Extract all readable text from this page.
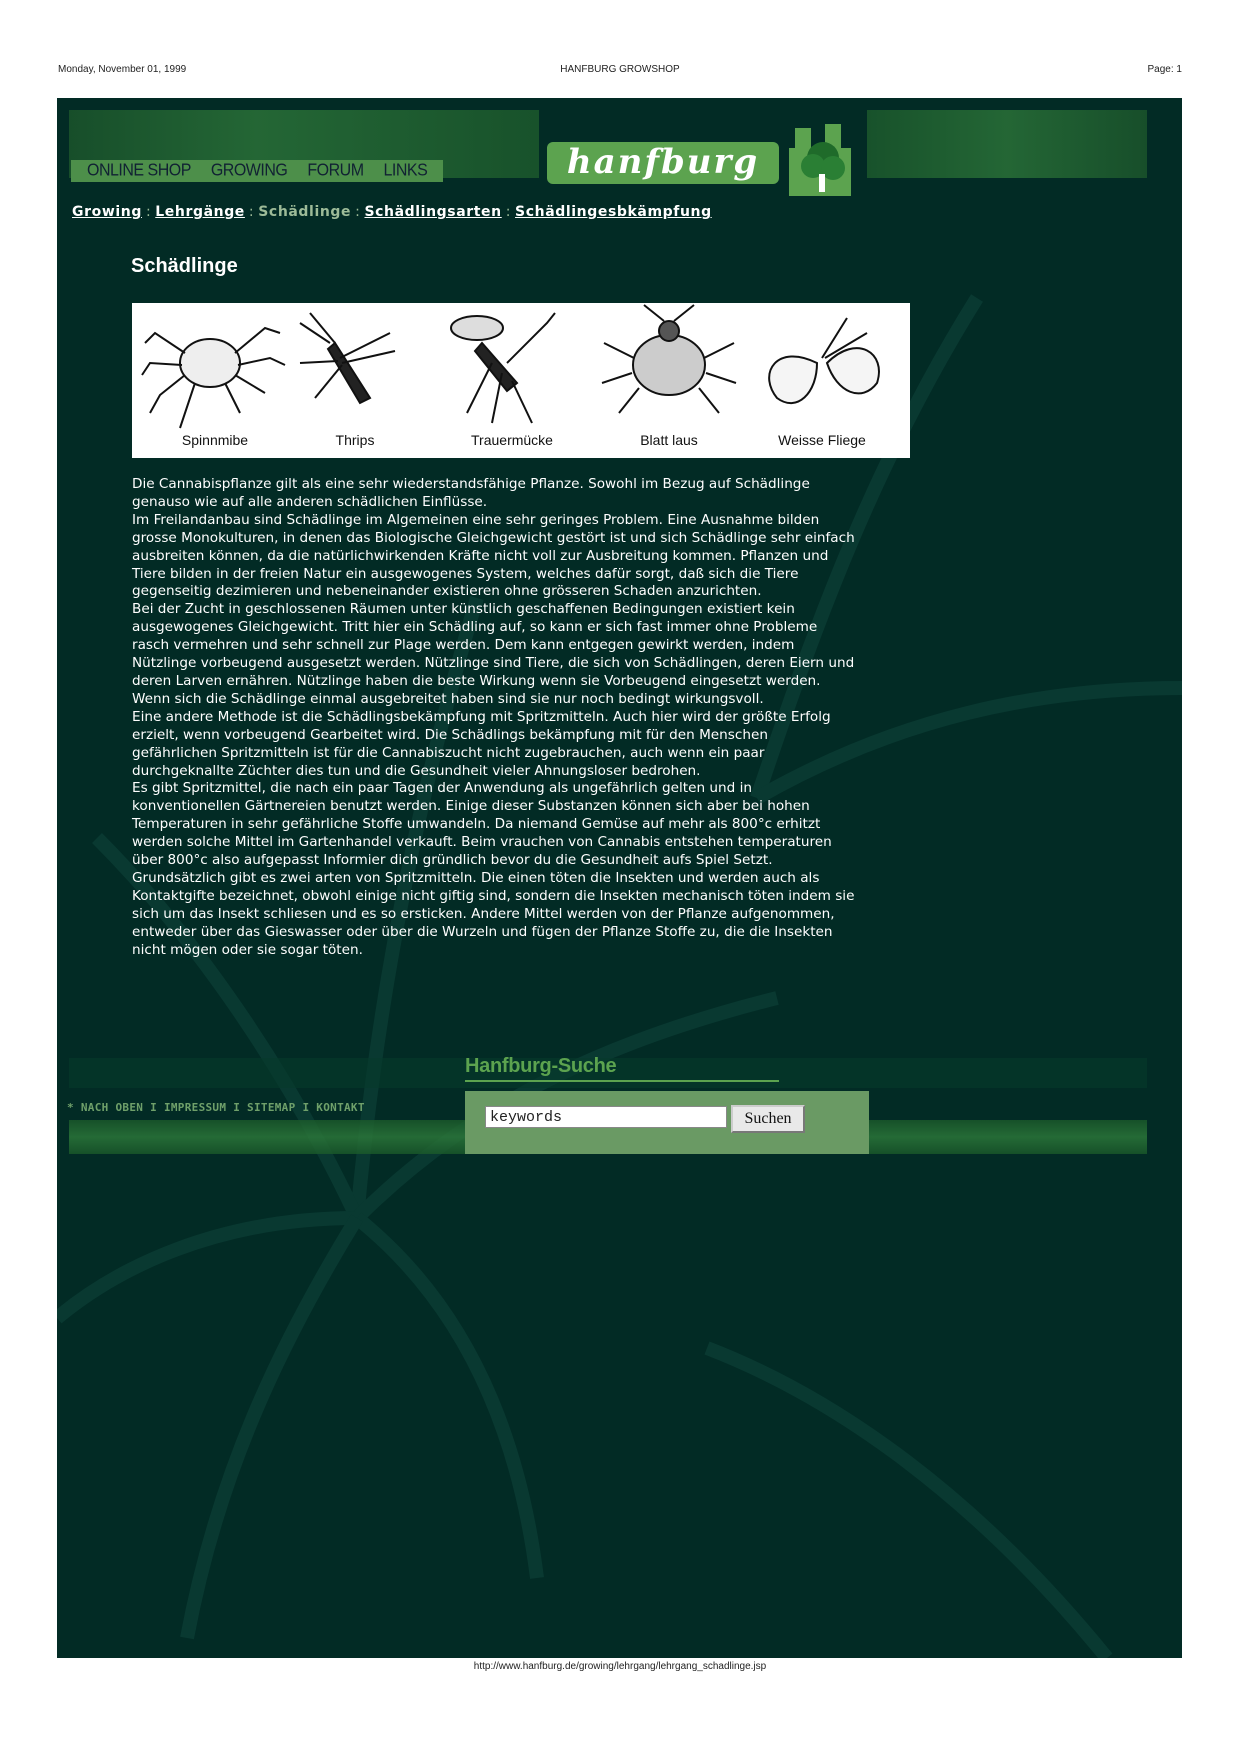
Monday, November 01, 1999	HANFBURG GROWSHOP	Page: 1
ONLINE SHOP	GROWING	FORUM	LINKS	hanfburg
Growing : Lehrgänge : Schädlinge : Schädlingsarten : Schädlingesbkämpfung
Schädlinge
Spinnmibe	Thrips	Trauermücke	Blatt laus	Weisse Fliege

Die Cannabispflanze gilt als eine sehr wiederstandsfähige Pflanze. Sowohl im Bezug auf Schädlinge genauso wie auf alle anderen schädlichen Einflüsse.

Im Freilandanbau sind Schädlinge im Algemeinen eine sehr geringes Problem. Eine Ausnahme bilden grosse Monokulturen, in denen das Biologische Gleichgewicht gestört ist und sich Schädlinge sehr einfach ausbreiten können, da die natürlichwirkenden Kräfte nicht voll zur Ausbreitung kommen. Pflanzen und Tiere bilden in der freien Natur ein ausgewogenes System, welches dafür sorgt, daß sich die Tiere gegenseitig dezimieren und nebeneinander existieren ohne grösseren Schaden anzurichten.

Bei der Zucht in geschlossenen Räumen unter künstlich geschaffenen Bedingungen existiert kein ausgewogenes Gleichgewicht. Tritt hier ein Schädling auf, so kann er sich fast immer ohne Probleme rasch vermehren und sehr schnell zur Plage werden. Dem kann entgegen gewirkt werden, indem Nützlinge vorbeugend ausgesetzt werden. Nützlinge sind Tiere, die sich von Schädlingen, deren Eiern und deren Larven ernähren. Nützlinge haben die beste Wirkung wenn sie Vorbeugend eingesetzt werden. Wenn sich die Schädlinge einmal ausgebreitet haben sind sie nur noch bedingt wirkungsvoll.

Eine andere Methode ist die Schädlingsbekämpfung mit Spritzmitteln. Auch hier wird der größte Erfolg erzielt, wenn vorbeugend Gearbeitet wird. Die Schädlings bekämpfung mit für den Menschen gefährlichen Spritzmitteln ist für die Cannabiszucht nicht zugebrauchen, auch wenn ein paar durchgeknallte Züchter dies tun und die Gesundheit vieler Ahnungsloser bedrohen.

Es gibt Spritzmittel, die nach ein paar Tagen der Anwendung als ungefährlich gelten und in konventionellen Gärtnereien benutzt werden. Einige dieser Substanzen können sich aber bei hohen Temperaturen in sehr gefährliche Stoffe umwandeln. Da niemand Gemüse auf mehr als 800°c erhitzt werden solche Mittel im Gartenhandel verkauft. Beim vrauchen von Cannabis entstehen temperaturen über 800°c also aufgepasst Informier dich gründlich bevor du die Gesundheit aufs Spiel Setzt.

Grundsätzlich gibt es zwei arten von Spritzmitteln. Die einen töten die Insekten und werden auch als Kontaktgifte bezeichnet, obwohl einige nicht giftig sind, sondern die Insekten mechanisch töten indem sie sich um das Insekt schliesen und es so ersticken. Andere Mittel werden von der Pflanze aufgenommen, entweder über das Gieswasser oder über die Wurzeln und fügen der Pflanze Stoffe zu, die die Insekten nicht mögen oder sie sogar töten.

* NACH OBEN I IMPRESSUM I SITEMAP I KONTAKT
Hanfburg-Suche
keywords
Suchen
http://www.hanfburg.de/growing/lehrgang/lehrgang_schadlinge.jsp
